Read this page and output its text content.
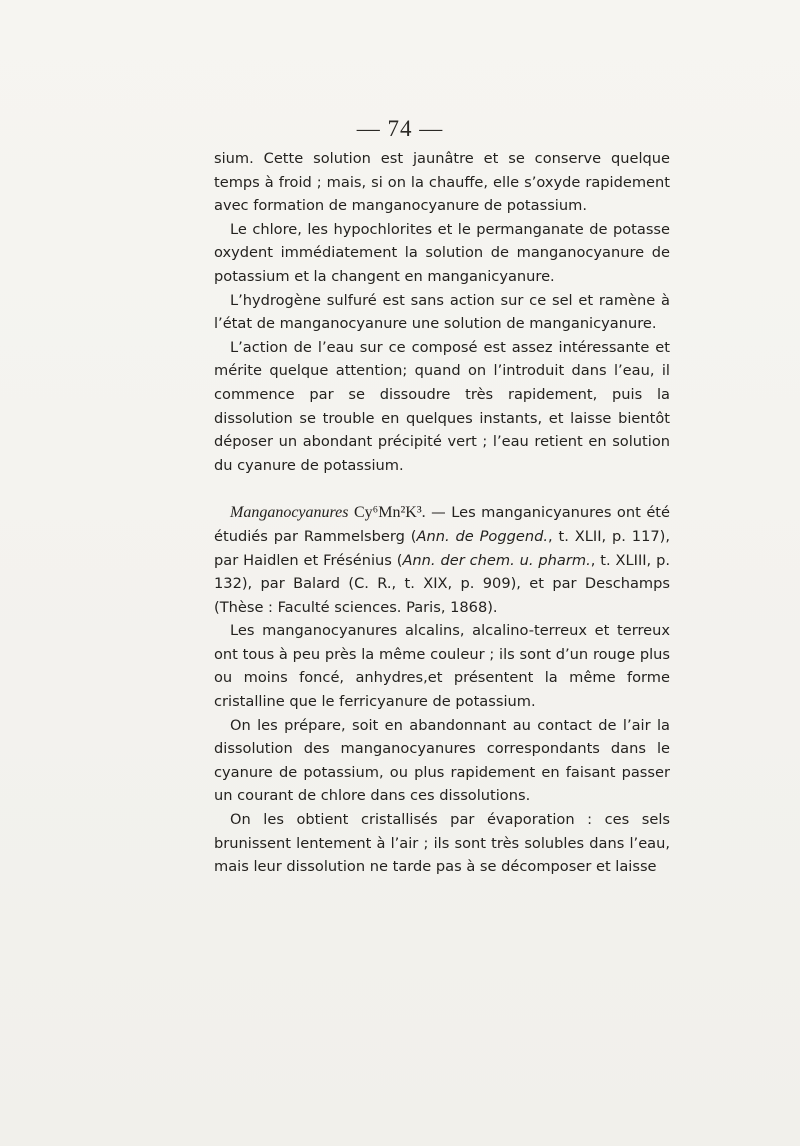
— 74 —

sium. Cette solution est jaunâtre et se conserve quelque temps à froid ; mais, si on la chauffe, elle s’oxyde rapidement avec formation de manganocyanure de potassium.

Le chlore, les hypochlorites et le permanganate de potasse oxydent immédiatement la solution de manganocyanure de potassium et la changent en manganicyanure.

L’hydrogène sulfuré est sans action sur ce sel et ramène à l’état de manganocyanure une solution de manganicyanure.

L’action de l’eau sur ce composé est assez intéressante et mérite quelque attention; quand on l’introduit dans l’eau, il commence par se dissoudre très rapidement, puis la dissolution se trouble en quelques instants, et laisse bientôt déposer un abondant précipité vert ; l’eau retient en solution du cyanure de potassium.

Manganocyanures Cy⁶Mn²K³. — Les manganicyanures ont été étudiés par Rammelsberg (Ann. de Poggend., t. XLII, p. 117), par Haidlen et Frésénius (Ann. der chem. u. pharm., t. XLIII, p. 132), par Balard (C. R., t. XIX, p. 909), et par Deschamps (Thèse : Faculté sciences. Paris, 1868).

Les manganocyanures alcalins, alcalino-terreux et terreux ont tous à peu près la même couleur ; ils sont d’un rouge plus ou moins foncé, anhydres,et présentent la même forme cristalline que le ferricyanure de potassium.

On les prépare, soit en abandonnant au contact de l’air la dissolution des manganocyanures correspondants dans le cyanure de potassium, ou plus rapidement en faisant passer un courant de chlore dans ces dissolutions.

On les obtient cristallisés par évaporation : ces sels brunissent lentement à l’air ; ils sont très solubles dans l’eau, mais leur dissolution ne tarde pas à se décomposer et laisse
